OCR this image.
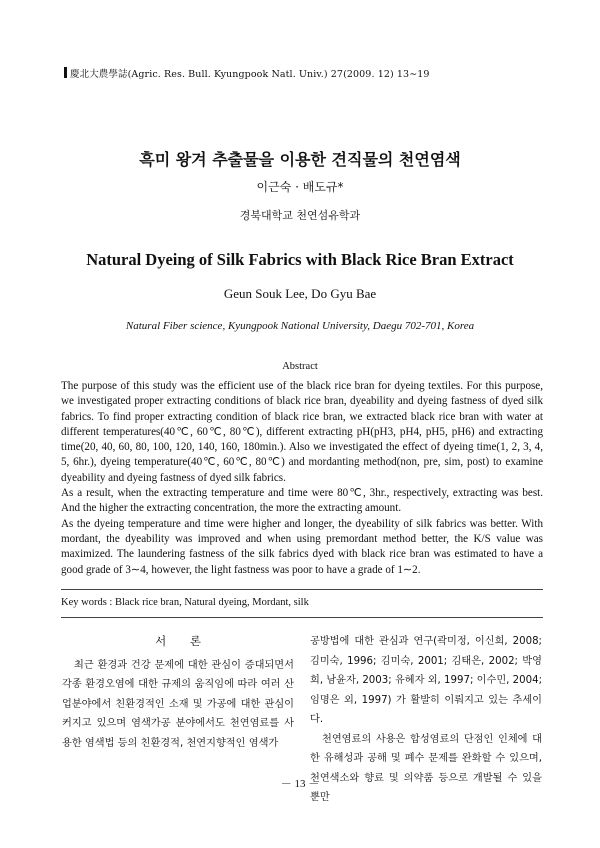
慶北大農學誌(Agric. Res. Bull. Kyungpook Natl. Univ.) 27(2009. 12) 13∼19
흑미 왕겨 추출물을 이용한 견직물의 천연염색
이근숙 · 배도규*
경북대학교 천연섬유학과
Natural Dyeing of Silk Fabrics with Black Rice Bran Extract
Geun Souk Lee, Do Gyu Bae
Natural Fiber science, Kyungpook National University, Daegu 702-701, Korea
Abstract

The purpose of this study was the efficient use of the black rice bran for dyeing textiles. For this purpose, we investigated proper extracting conditions of black rice bran, dyeability and dyeing fastness of dyed silk fabrics. To find proper extracting condition of black rice bran, we extracted black rice bran with water at different temperatures(40℃, 60℃, 80℃), different extracting pH(pH3, pH4, pH5, pH6) and extracting time(20, 40, 60, 80, 100, 120, 140, 160, 180min.). Also we investigated the effect of dyeing time(1, 2, 3, 4, 5, 6hr.), dyeing temperature(40℃, 60℃, 80℃) and mordanting method(non, pre, sim, post) to examine dyeability and dyeing fastness of dyed silk fabrics.

As a result, when the extracting temperature and time were 80℃, 3hr., respectively, extracting was best. And the higher the extracting concentration, the more the extracting amount.

As the dyeing temperature and time were higher and longer, the dyeability of silk fabrics was better. With mordant, the dyeability was improved and when using premordant method better, the K/S value was maximized. The laundering fastness of the silk fabrics dyed with black rice bran was estimated to have a good grade of 3∼4, however, the light fastness was poor to have a grade of 1∼2.

Key words : Black rice bran, Natural dyeing, Mordant, silk
서 론

최근 환경과 건강 문제에 대한 관심이 증대되면서 각종 환경오염에 대한 규제의 움직임에 따라 여러 산업분야에서 친환경적인 소재 및 가공에 대한 관심이 커지고 있으며 염색가공 분야에서도 천연염료를 사용한 염색법 등의 친환경적, 천연지향적인 염색가

공방법에 대한 관심과 연구(곽미정, 이신희, 2008; 김미숙, 1996; 김미숙, 2001; 김태은, 2002; 박영희, 남윤자, 2003; 유혜자 외, 1997; 이수민, 2004; 임명은 외, 1997) 가 활발히 이뤄지고 있는 추세이다.

천연염료의 사용은 합성염료의 단점인 인체에 대한 유해성과 공해 및 폐수 문제를 완화할 수 있으며, 천연색소와 향료 및 의약품 등으로 개발될 수 있을 뿐만

－ 13 －
